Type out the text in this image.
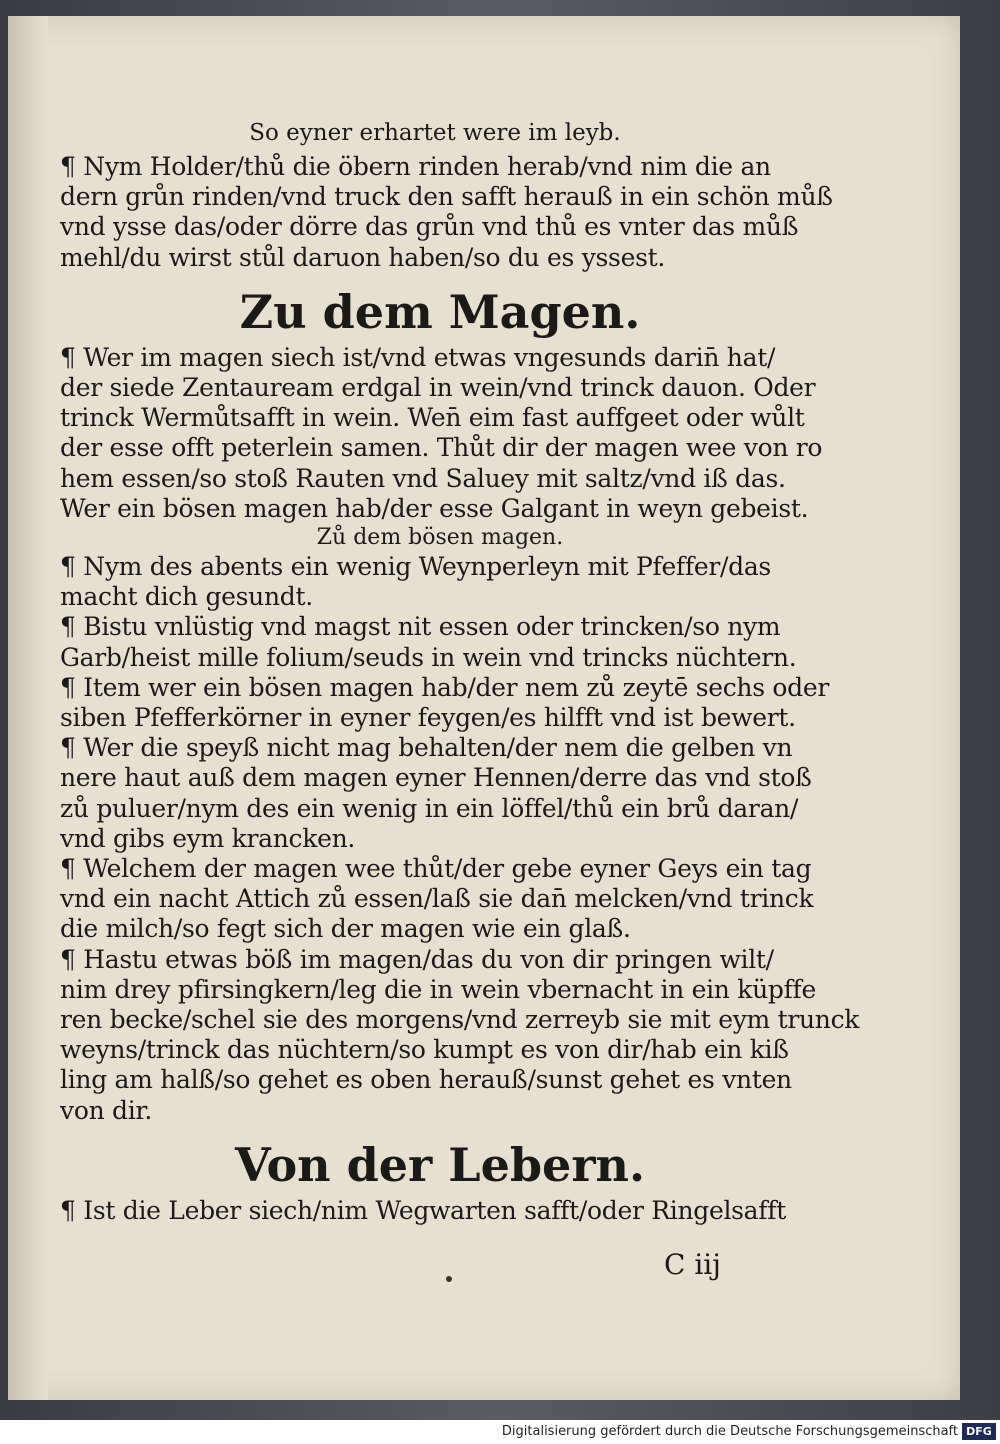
So eyner erhartet were im leyb.
¶ Nym Holder/thů die öbern rinden herab/vnd nim die an
dern grůn rinden/vnd truck den safft herauß in ein schön můß
vnd ysse das/oder dörre das grůn vnd thů es vnter das můß
mehl/du wirst stůl daruon haben/so du es yssest.
Zu dem Magen.
¶ Wer im magen siech ist/vnd etwas vngesunds darin̄ hat/
der siede Zentauream erdgal in wein/vnd trinck dauon. Oder
trinck Wermůtsafft in wein. Wen̄ eim fast auffgeet oder wůlt
der esse offt peterlein samen. Thůt dir der magen wee von ro
hem essen/so stoß Rauten vnd Saluey mit saltz/vnd iß das.
Wer ein bösen magen hab/der esse Galgant in weyn gebeist.
Zů dem bösen magen.
¶ Nym des abents ein wenig Weynperleyn mit Pfeffer/das
macht dich gesundt.
¶ Bistu vnlüstig vnd magst nit essen oder trincken/so nym
Garb/heist mille folium/seuds in wein vnd trincks nüchtern.
¶ Item wer ein bösen magen hab/der nem zů zeytē sechs oder
siben Pfefferkörner in eyner feygen/es hilfft vnd ist bewert.
¶ Wer die speyß nicht mag behalten/der nem die gelben vn
nere haut auß dem magen eyner Hennen/derre das vnd stoß
zů puluer/nym des ein wenig in ein löffel/thů ein brů daran/
vnd gibs eym krancken.
¶ Welchem der magen wee thůt/der gebe eyner Geys ein tag
vnd ein nacht Attich zů essen/laß sie dan̄ melcken/vnd trinck
die milch/so fegt sich der magen wie ein glaß.
¶ Hastu etwas böß im magen/das du von dir pringen wilt/
nim drey pfirsingkern/leg die in wein vbernacht in ein küpffe
ren becke/schel sie des morgens/vnd zerreyb sie mit eym trunck
weyns/trinck das nüchtern/so kumpt es von dir/hab ein kiß
ling am halß/so gehet es oben herauß/sunst gehet es vnten
von dir.
Von der Lebern.
¶ Ist die Leber siech/nim Wegwarten safft/oder Ringelsafft
C iij
Digitalisierung gefördert durch die Deutsche Forschungsgemeinschaft DFG
